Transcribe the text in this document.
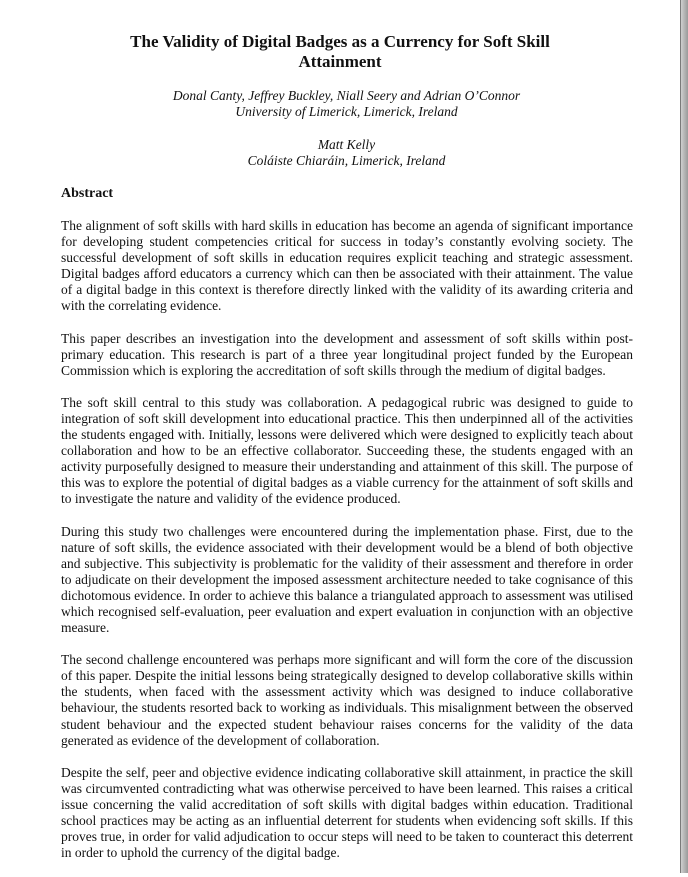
The Validity of Digital Badges as a Currency for Soft Skill Attainment
Donal Canty, Jeffrey Buckley, Niall Seery and Adrian O’Connor
University of Limerick, Limerick, Ireland
Matt Kelly
Coláiste Chiaráin, Limerick, Ireland
Abstract

The alignment of soft skills with hard skills in education has become an agenda of significant importance for developing student competencies critical for success in today’s constantly evolving society. The successful development of soft skills in education requires explicit teaching and strategic assessment. Digital badges afford educators a currency which can then be associated with their attainment. The value of a digital badge in this context is therefore directly linked with the validity of its awarding criteria and with the correlating evidence.

This paper describes an investigation into the development and assessment of soft skills within post-primary education. This research is part of a three year longitudinal project funded by the European Commission which is exploring the accreditation of soft skills through the medium of digital badges.

The soft skill central to this study was collaboration. A pedagogical rubric was designed to guide to integration of soft skill development into educational practice. This then underpinned all of the activities the students engaged with. Initially, lessons were delivered which were designed to explicitly teach about collaboration and how to be an effective collaborator. Succeeding these, the students engaged with an activity purposefully designed to measure their understanding and attainment of this skill. The purpose of this was to explore the potential of digital badges as a viable currency for the attainment of soft skills and to investigate the nature and validity of the evidence produced.

During this study two challenges were encountered during the implementation phase. First, due to the nature of soft skills, the evidence associated with their development would be a blend of both objective and subjective. This subjectivity is problematic for the validity of their assessment and therefore in order to adjudicate on their development the imposed assessment architecture needed to take cognisance of this dichotomous evidence. In order to achieve this balance a triangulated approach to assessment was utilised which recognised self-evaluation, peer evaluation and expert evaluation in conjunction with an objective measure.

The second challenge encountered was perhaps more significant and will form the core of the discussion of this paper. Despite the initial lessons being strategically designed to develop collaborative skills within the students, when faced with the assessment activity which was designed to induce collaborative behaviour, the students resorted back to working as individuals. This misalignment between the observed student behaviour and the expected student behaviour raises concerns for the validity of the data generated as evidence of the development of collaboration.

Despite the self, peer and objective evidence indicating collaborative skill attainment, in practice the skill was circumvented contradicting what was otherwise perceived to have been learned. This raises a critical issue concerning the valid accreditation of soft skills with digital badges within education. Traditional school practices may be acting as an influential deterrent for students when evidencing soft skills. If this proves true, in order for valid adjudication to occur steps will need to be taken to counteract this deterrent in order to uphold the currency of the digital badge.
